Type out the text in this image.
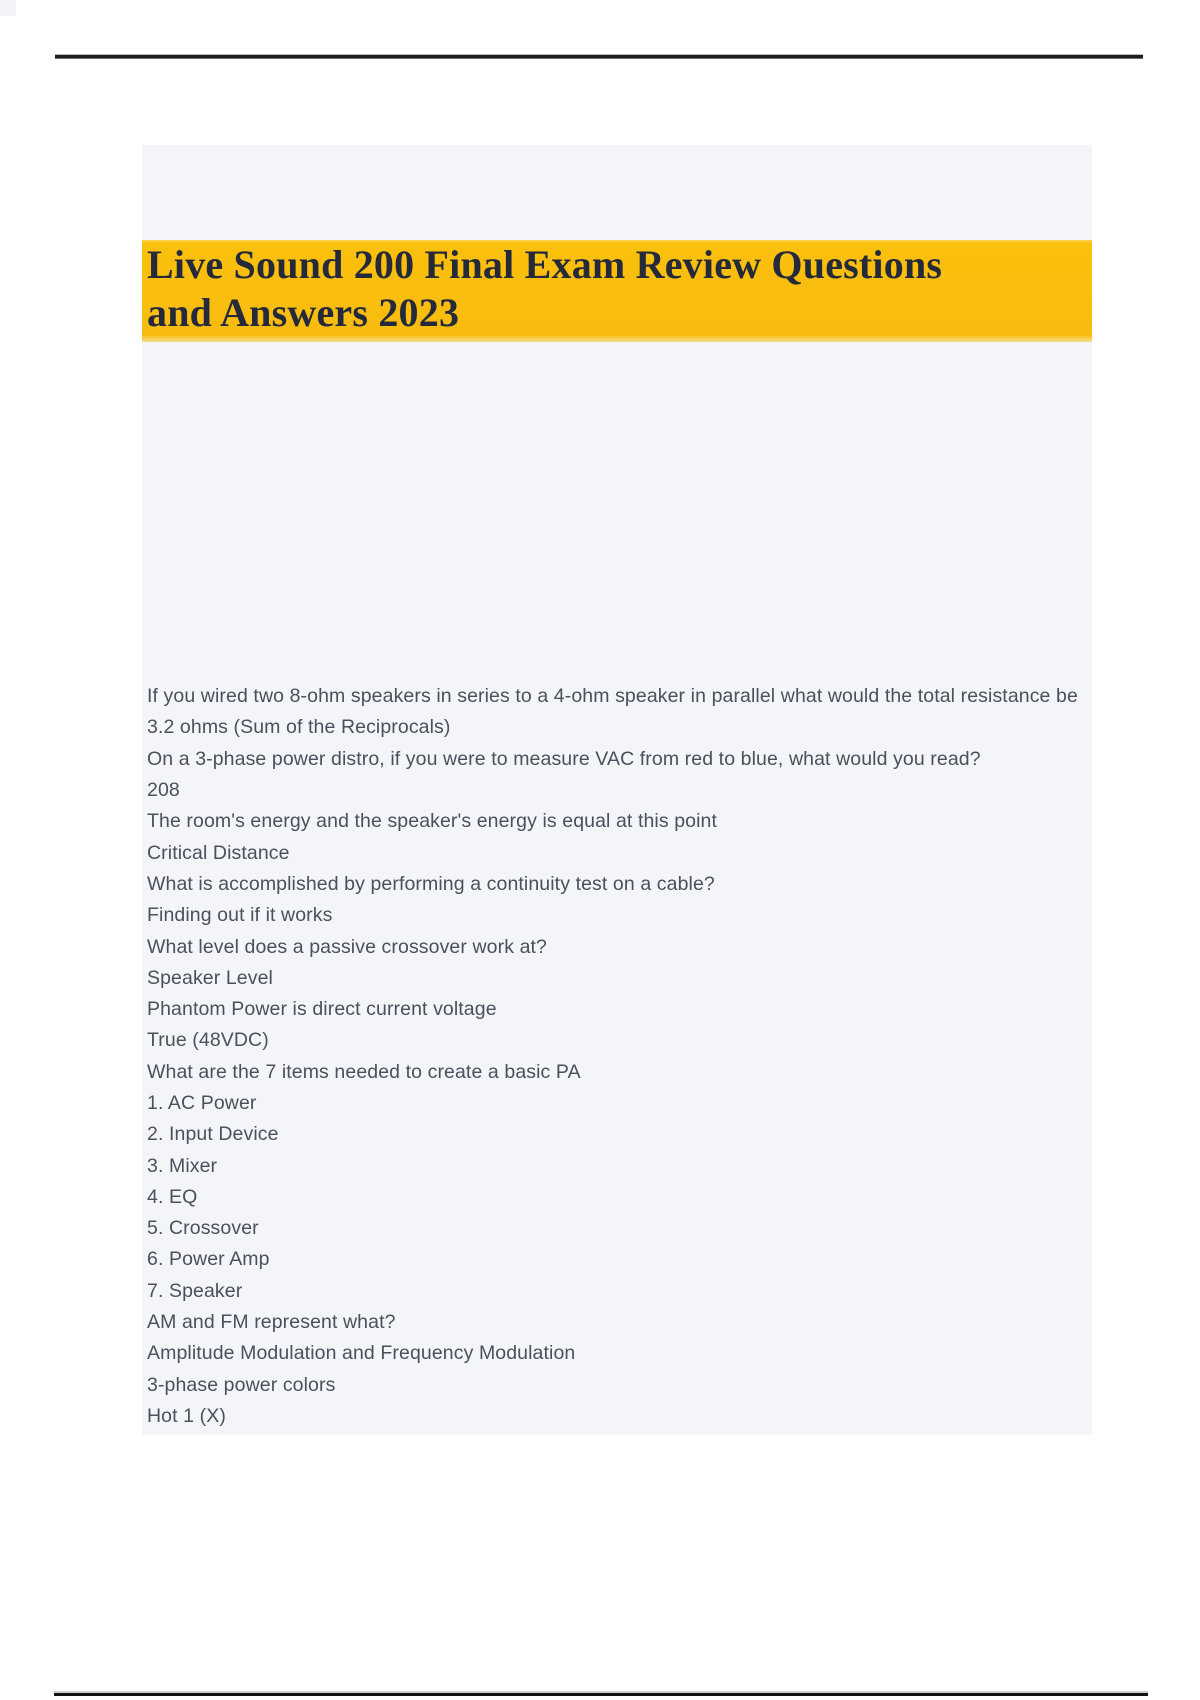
Live Sound 200 Final Exam Review Questions
and Answers 2023
If you wired two 8-ohm speakers in series to a 4-ohm speaker in parallel what would the total resistance be
3.2 ohms (Sum of the Reciprocals)
On a 3-phase power distro, if you were to measure VAC from red to blue, what would you read?
208
The room's energy and the speaker's energy is equal at this point
Critical Distance
What is accomplished by performing a continuity test on a cable?
Finding out if it works
What level does a passive crossover work at?
Speaker Level
Phantom Power is direct current voltage
True (48VDC)
What are the 7 items needed to create a basic PA
1. AC Power
2. Input Device
3. Mixer
4. EQ
5. Crossover
6. Power Amp
7. Speaker
AM and FM represent what?
Amplitude Modulation and Frequency Modulation
3-phase power colors
Hot 1 (X)
